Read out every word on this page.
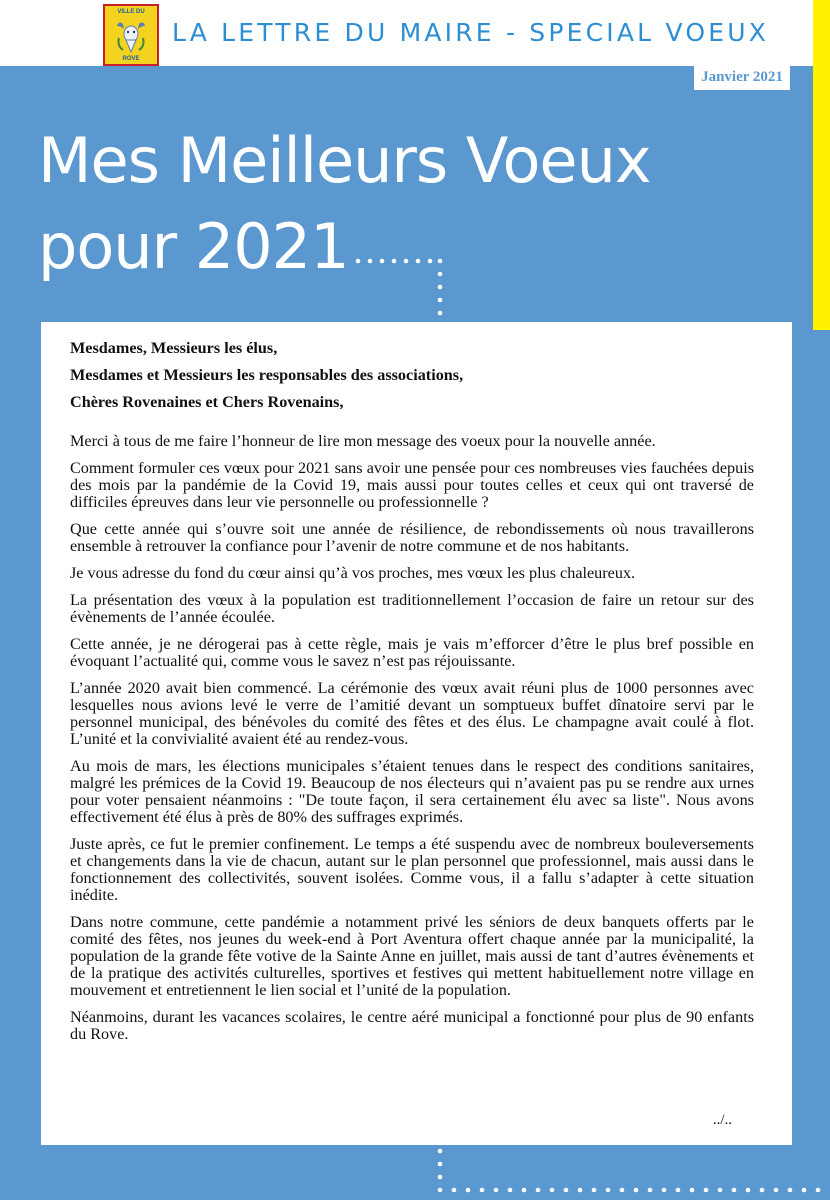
VILLE DU
ROVE
LA LETTRE DU MAIRE - SPECIAL VOEUX
Janvier 2021
Mes Meilleurs Voeux
pour 2021

Mesdames, Messieurs les élus,

Mesdames et Messieurs les responsables des associations,

Chères Rovenaines et Chers Rovenains,

Merci à tous de me faire l’honneur de lire mon message des voeux pour la nouvelle année.

Comment formuler ces vœux pour 2021 sans avoir une pensée pour ces nombreuses vies fauchées depuis des mois par la pandémie de la Covid 19, mais aussi pour toutes celles et ceux qui ont traversé de difficiles épreuves dans leur vie personnelle ou professionnelle ?

Que cette année qui s’ouvre soit une année de résilience, de rebondissements où nous travaillerons ensemble à retrouver la confiance pour l’avenir de notre commune et de nos habitants.

Je vous adresse du fond du cœur ainsi qu’à vos proches, mes vœux les plus chaleureux.

La présentation des vœux à la population est traditionnellement l’occasion de faire un retour sur des évènements de l’année écoulée.

Cette année, je ne dérogerai pas à cette règle, mais je vais m’efforcer d’être le plus bref possible en évoquant l’actualité qui, comme vous le savez n’est pas réjouissante.

L’année 2020 avait bien commencé. La cérémonie des vœux avait réuni plus de 1000 personnes avec lesquelles nous avions levé le verre de l’amitié devant un somptueux buffet dînatoire servi par le personnel municipal, des bénévoles du comité des fêtes et des élus. Le champagne avait coulé à flot. L’unité et la convivialité avaient été au rendez-vous.

Au mois de mars, les élections municipales s’étaient tenues dans le respect des conditions sanitaires, malgré les prémices de la Covid 19. Beaucoup de nos électeurs qui n’avaient pas pu se rendre aux urnes pour voter pensaient néanmoins : "De toute façon, il sera certainement élu avec sa liste". Nous avons effectivement été élus à près de 80% des suffrages exprimés.

Juste après, ce fut le premier confinement. Le temps a été suspendu avec de nombreux bouleversements et changements dans la vie de chacun, autant sur le plan personnel que professionnel, mais aussi dans le fonctionnement des collectivités, souvent isolées. Comme vous, il a fallu s’adapter à cette situation inédite.

Dans notre commune, cette pandémie a notamment privé les séniors de deux banquets offerts par le comité des fêtes, nos jeunes du week-end à Port Aventura offert chaque année par la municipalité, la population de la grande fête votive de la Sainte Anne en juillet, mais aussi de tant d’autres évènements et de la pratique des activités culturelles, sportives et festives qui mettent habituellement notre village en mouvement et entretiennent le lien social et l’unité de la population.

Néanmoins, durant les vacances scolaires, le centre aéré municipal a fonctionné pour plus de 90 enfants du Rove.

../..
